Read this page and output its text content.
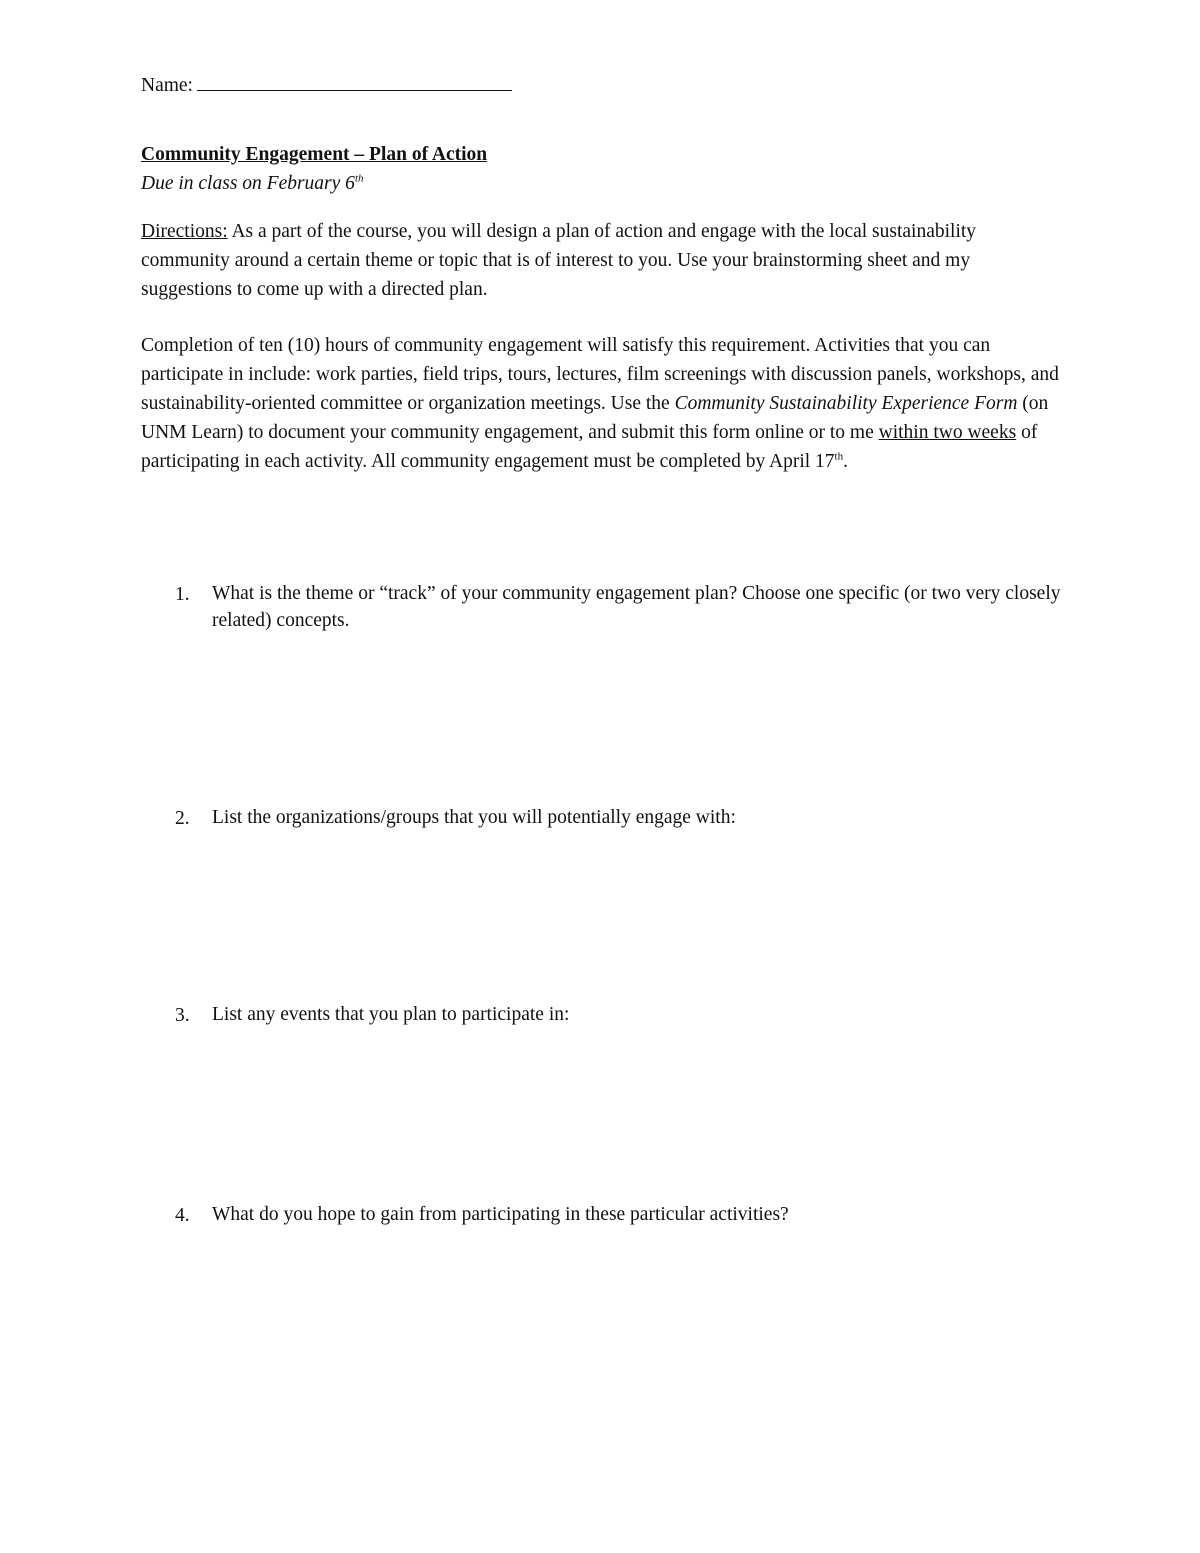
Name:
Community Engagement – Plan of Action
Due in class on February 6th
Directions: As a part of the course, you will design a plan of action and engage with the local sustainability community around a certain theme or topic that is of interest to you. Use your brainstorming sheet and my suggestions to come up with a directed plan.
Completion of ten (10) hours of community engagement will satisfy this requirement. Activities that you can participate in include: work parties, field trips, tours, lectures, film screenings with discussion panels, workshops, and sustainability-oriented committee or organization meetings. Use the Community Sustainability Experience Form (on UNM Learn) to document your community engagement, and submit this form online or to me within two weeks of participating in each activity. All community engagement must be completed by April 17th.
1. What is the theme or “track” of your community engagement plan? Choose one specific (or two very closely related) concepts.
2. List the organizations/groups that you will potentially engage with:
3. List any events that you plan to participate in:
4. What do you hope to gain from participating in these particular activities?
